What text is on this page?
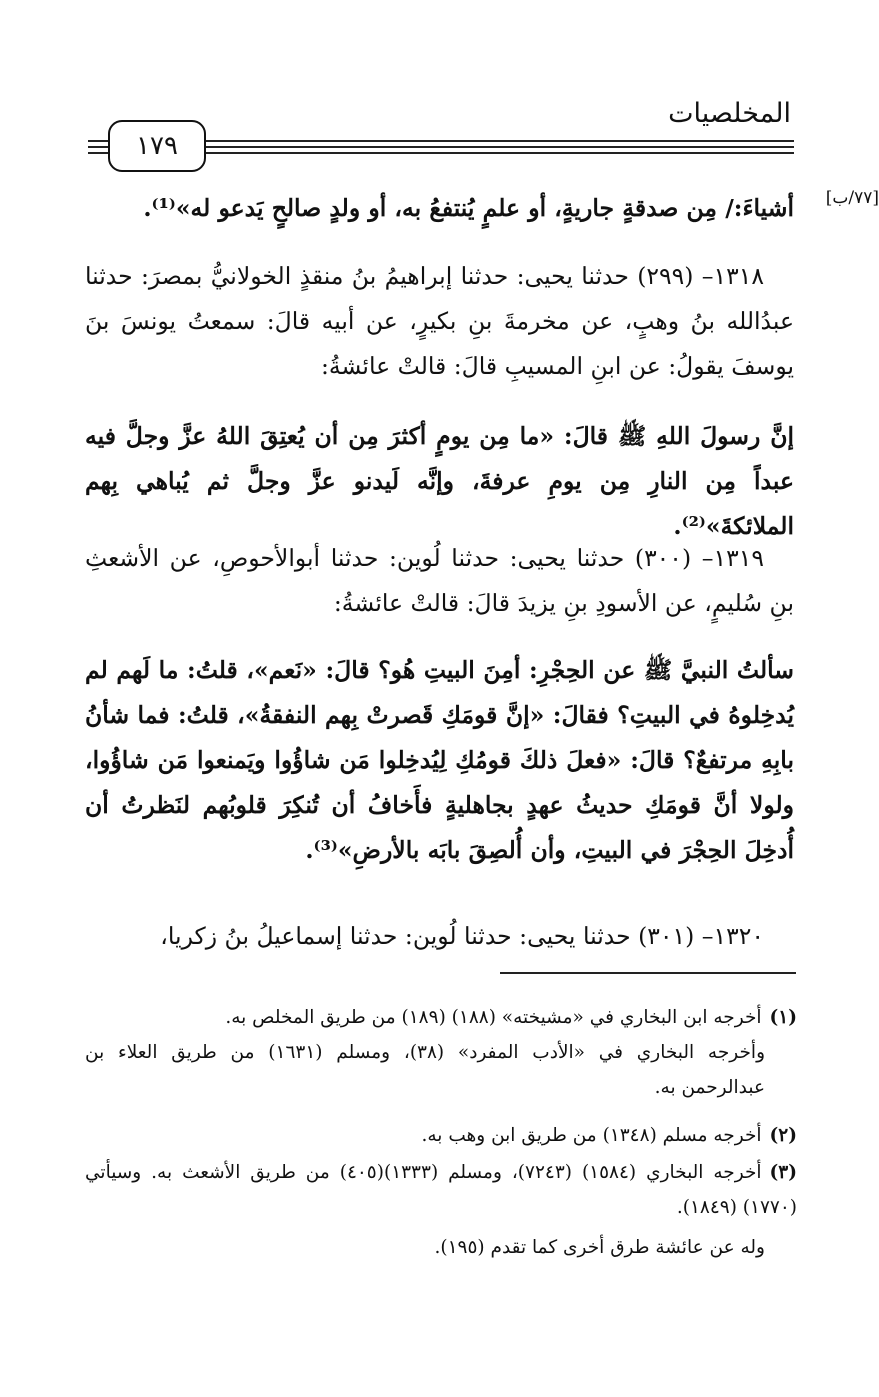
المخلصيات
١٧٩
[٧٧/ب]

أشياءَ:/ مِن صدقةٍ جاريةٍ، أو علمٍ يُنتفعُ به، أو ولدٍ صالحٍ يَدعو له»⁽¹⁾.

١٣١٨– (٢٩٩) حدثنا يحيى: حدثنا إبراهيمُ بنُ منقذٍ الخولانيُّ بمصرَ: حدثنا عبدُالله بنُ وهبٍ، عن مخرمةَ بنِ بكيرٍ، عن أبيه قالَ: سمعتُ يونسَ بنَ يوسفَ يقولُ: عن ابنِ المسيبِ قالَ: قالتْ عائشةُ:

إنَّ رسولَ اللهِ ﷺ قالَ: «ما مِن يومٍ أكثرَ مِن أن يُعتِقَ اللهُ عزَّ وجلَّ فيه عبداً مِن النارِ مِن يومِ عرفةَ، وإنَّه لَيدنو عزَّ وجلَّ ثم يُباهي بِهم الملائكةَ»⁽²⁾.

١٣١٩– (٣٠٠) حدثنا يحيى: حدثنا لُوين: حدثنا أبوالأحوصِ، عن الأشعثِ بنِ سُليمٍ، عن الأسودِ بنِ يزيدَ قالَ: قالتْ عائشةُ:

سألتُ النبيَّ ﷺ عن الحِجْرِ: أمِنَ البيتِ هُو؟ قالَ: «نَعم»، قلتُ: ما لَهم لم يُدخِلوهُ في البيتِ؟ فقالَ: «إنَّ قومَكِ قَصرتْ بِهم النفقةُ»، قلتُ: فما شأنُ بابِهِ مرتفعٌ؟ قالَ: «فعلَ ذلكَ قومُكِ لِيُدخِلوا مَن شاؤُوا ويَمنعوا مَن شاؤُوا، ولولا أنَّ قومَكِ حديثُ عهدٍ بجاهليةٍ فأَخافُ أن تُنكِرَ قلوبُهم لنَظرتُ أن أُدخِلَ الحِجْرَ في البيتِ، وأن أُلصِقَ بابَه بالأرضِ»⁽³⁾.

١٣٢٠– (٣٠١) حدثنا يحيى: حدثنا لُوين: حدثنا إسماعيلُ بنُ زكريا،

(١)أخرجه ابن البخاري في «مشيخته» (١٨٨) (١٨٩) من طريق المخلص به.

وأخرجه البخاري في «الأدب المفرد» (٣٨)، ومسلم (١٦٣١) من طريق العلاء بن عبدالرحمن به.

(٢)أخرجه مسلم (١٣٤٨) من طريق ابن وهب به.

(٣)أخرجه البخاري (١٥٨٤) (٧٢٤٣)، ومسلم (١٣٣٣)(٤٠٥) من طريق الأشعث به. وسيأتي (١٧٧٠) (١٨٤٩).

وله عن عائشة طرق أخرى كما تقدم (١٩٥).
